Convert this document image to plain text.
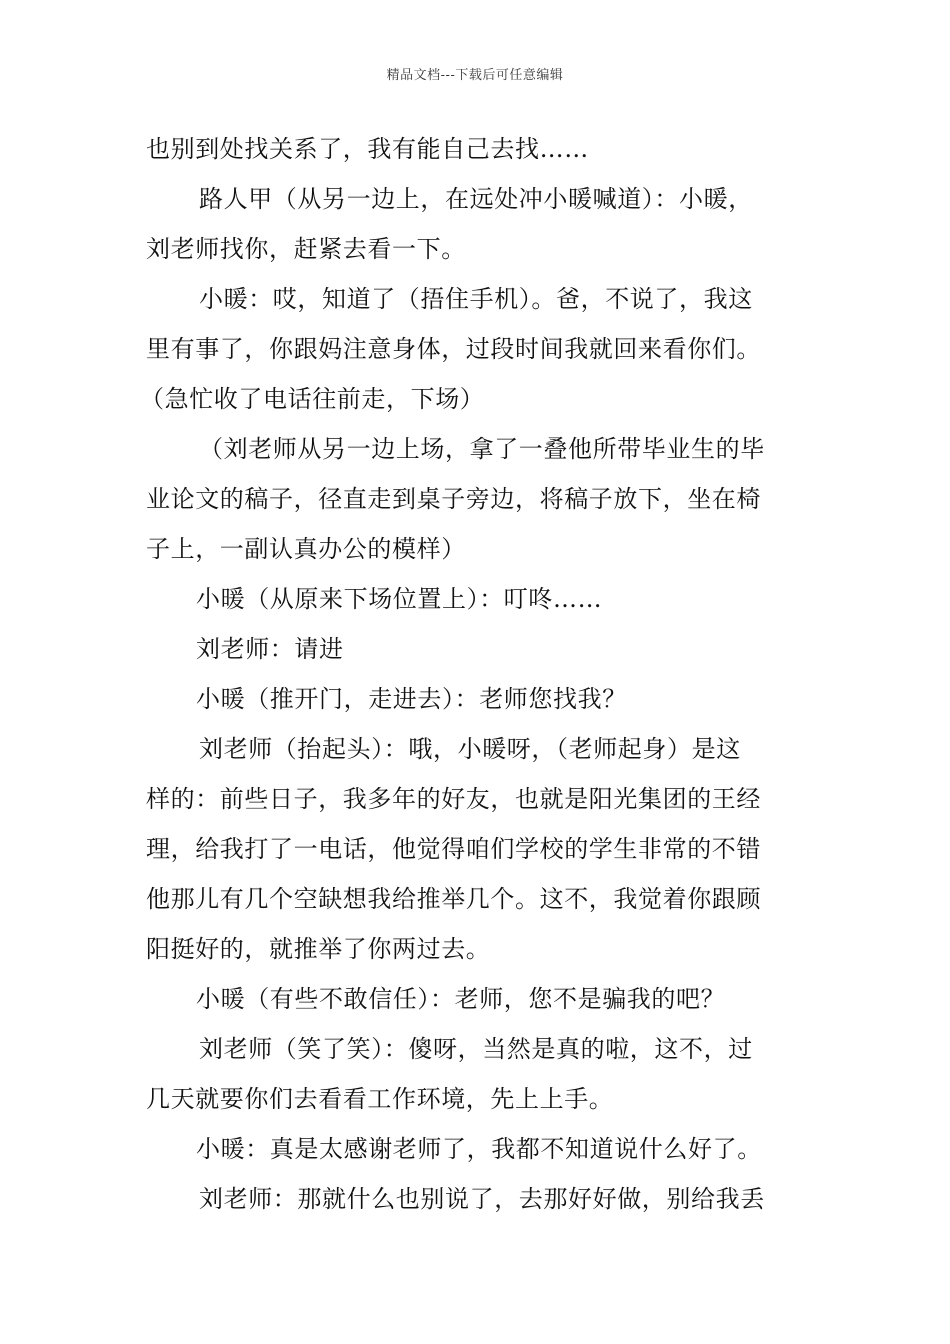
精品文档---下载后可任意编辑
也别到处找关系了，我有能自己去找……
路人甲（从另一边上，在远处冲小暖喊道）：小暖，
刘老师找你，赶紧去看一下。
小暖：哎，知道了（捂住手机）。爸，不说了，我这
里有事了，你跟妈注意身体，过段时间我就回来看你们。
（急忙收了电话往前走，下场）
（刘老师从另一边上场，拿了一叠他所带毕业生的毕
业论文的稿子，径直走到桌子旁边，将稿子放下，坐在椅
子上，一副认真办公的模样）
小暖（从原来下场位置上）：叮咚……
刘老师：请进
小暖（推开门，走进去）：老师您找我？
刘老师（抬起头）：哦，小暖呀，（老师起身）是这
样的：前些日子，我多年的好友，也就是阳光集团的王经
理，给我打了一电话，他觉得咱们学校的学生非常的不错
他那儿有几个空缺想我给推举几个。这不，我觉着你跟顾
阳挺好的，就推举了你两过去。
小暖（有些不敢信任）：老师，您不是骗我的吧？
刘老师（笑了笑）：傻呀，当然是真的啦，这不，过
几天就要你们去看看工作环境，先上上手。
小暖：真是太感谢老师了，我都不知道说什么好了。
刘老师：那就什么也别说了，去那好好做，别给我丢
